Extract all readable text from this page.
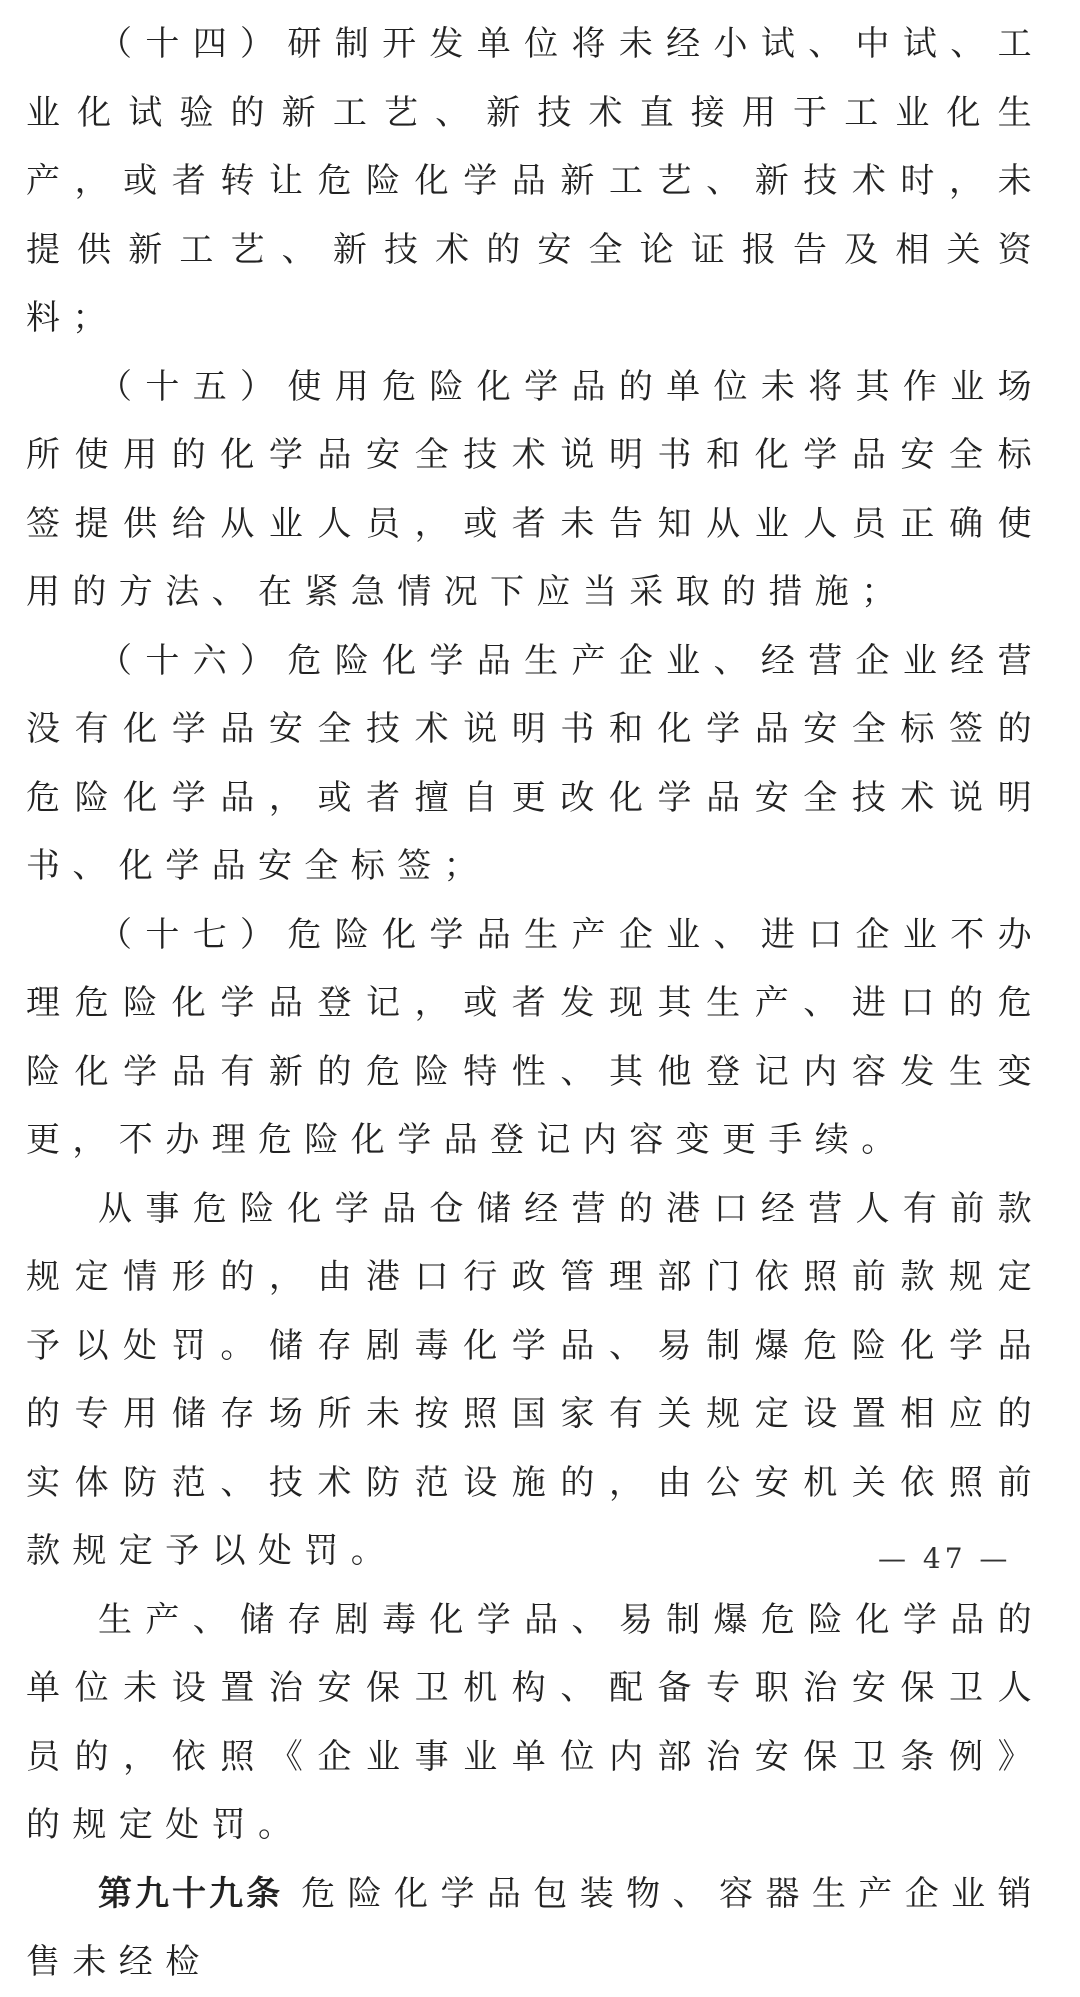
（十四）研制开发单位将未经小试、中试、工业化试验的新工艺、新技术直接用于工业化生产，或者转让危险化学品新工艺、新技术时，未提供新工艺、新技术的安全论证报告及相关资料；

（十五）使用危险化学品的单位未将其作业场所使用的化学品安全技术说明书和化学品安全标签提供给从业人员，或者未告知从业人员正确使用的方法、在紧急情况下应当采取的措施；

（十六）危险化学品生产企业、经营企业经营没有化学品安全技术说明书和化学品安全标签的危险化学品，或者擅自更改化学品安全技术说明书、化学品安全标签；

（十七）危险化学品生产企业、进口企业不办理危险化学品登记，或者发现其生产、进口的危险化学品有新的危险特性、其他登记内容发生变更，不办理危险化学品登记内容变更手续。

从事危险化学品仓储经营的港口经营人有前款规定情形的，由港口行政管理部门依照前款规定予以处罚。储存剧毒化学品、易制爆危险化学品的专用储存场所未按照国家有关规定设置相应的实体防范、技术防范设施的，由公安机关依照前款规定予以处罚。

生产、储存剧毒化学品、易制爆危险化学品的单位未设置治安保卫机构、配备专职治安保卫人员的，依照《企业事业单位内部治安保卫条例》的规定处罚。

第九十九条 危险化学品包装物、容器生产企业销售未经检

— 47 —
